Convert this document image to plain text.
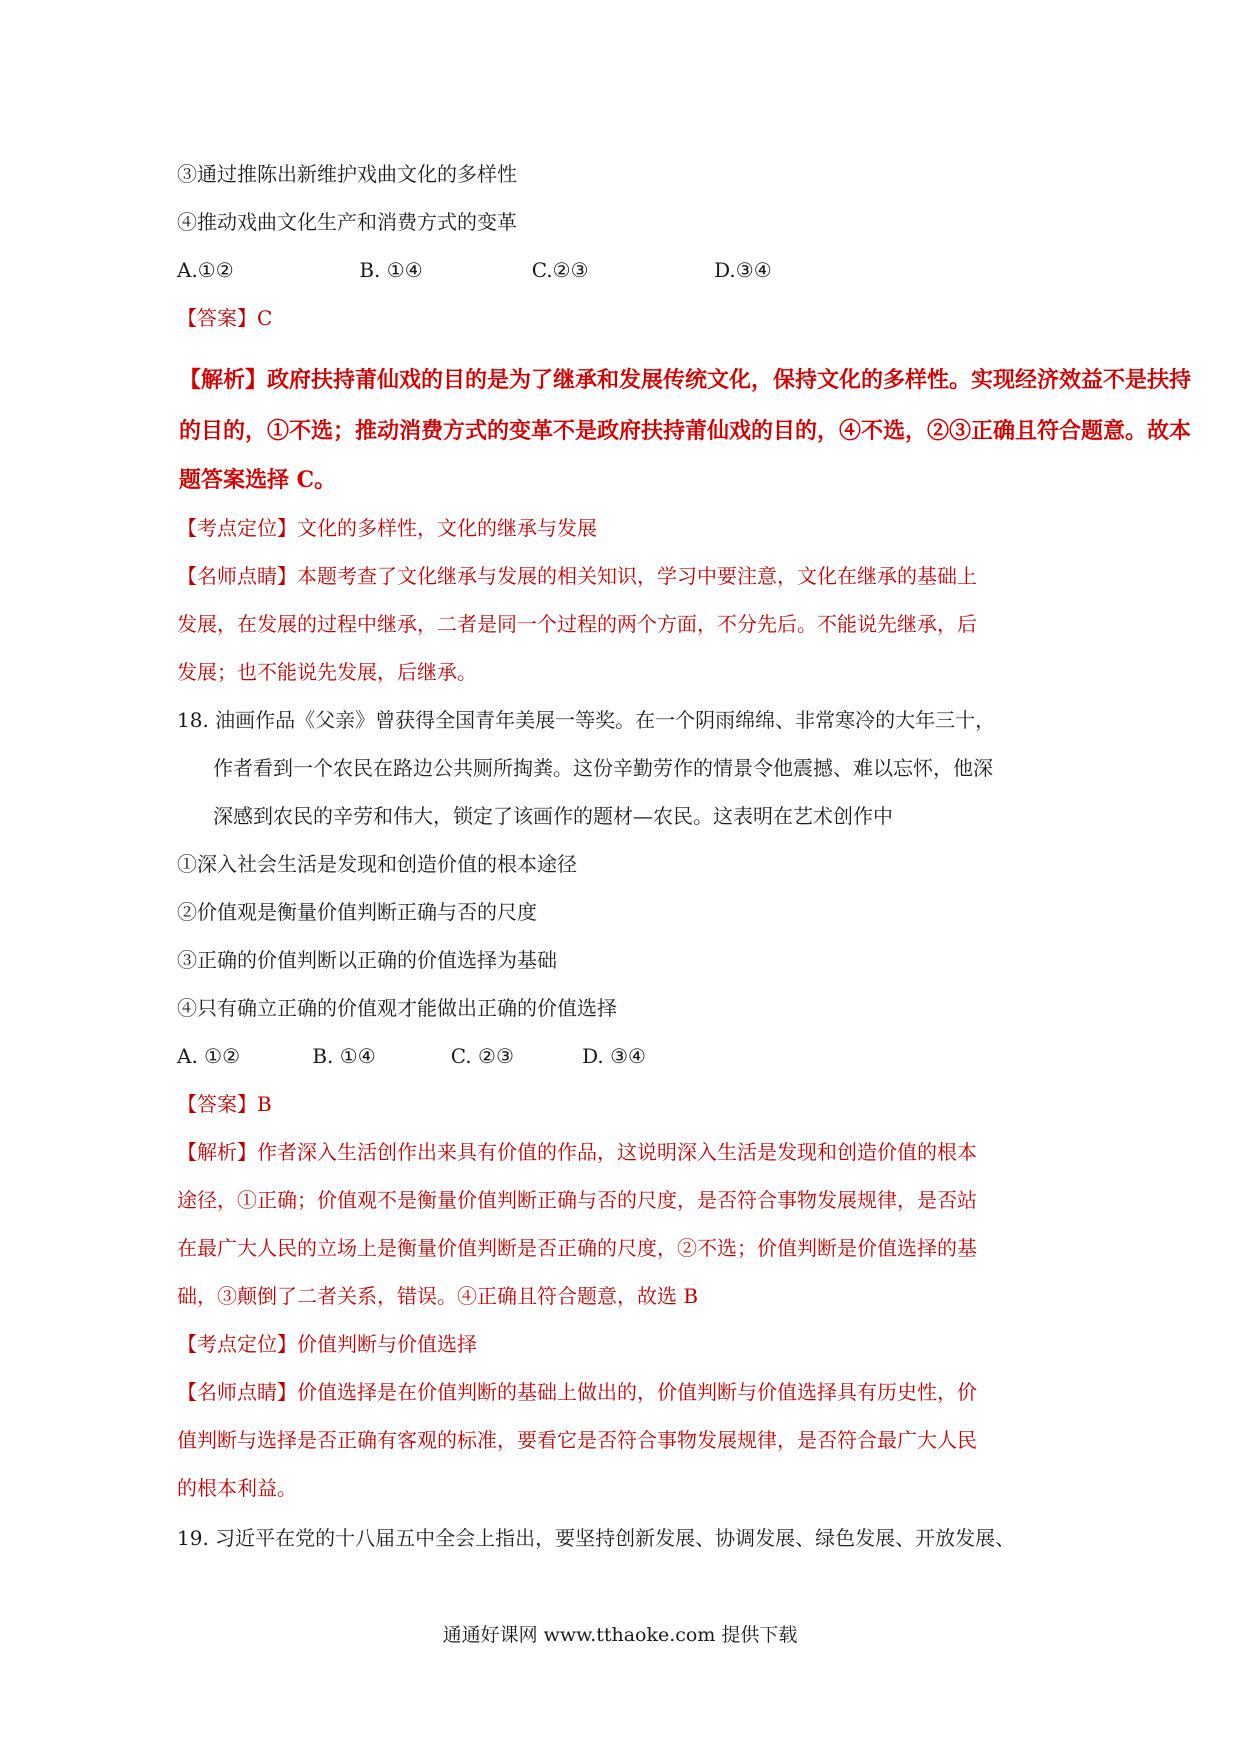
③通过推陈出新维护戏曲文化的多样性
④推动戏曲文化生产和消费方式的变革
A.①②	B. ①④	C.②③	D.③④
【答案】C
【解析】政府扶持莆仙戏的目的是为了继承和发展传统文化，保持文化的多样性。实现经济效益不是扶持
的目的，①不选；推动消费方式的变革不是政府扶持莆仙戏的目的，④不选，②③正确且符合题意。故本
题答案选择 C。
【考点定位】文化的多样性，文化的继承与发展
【名师点睛】本题考查了文化继承与发展的相关知识，学习中要注意，文化在继承的基础上
发展，在发展的过程中继承，二者是同一个过程的两个方面，不分先后。不能说先继承，后
发展；也不能说先发展，后继承。
18. 油画作品《父亲》曾获得全国青年美展一等奖。在一个阴雨绵绵、非常寒冷的大年三十，
作者看到一个农民在路边公共厕所掏粪。这份辛勤劳作的情景令他震撼、难以忘怀，他深
深感到农民的辛劳和伟大，锁定了该画作的题材—农民。这表明在艺术创作中
①深入社会生活是发现和创造价值的根本途径
②价值观是衡量价值判断正确与否的尺度
③正确的价值判断以正确的价值选择为基础
④只有确立正确的价值观才能做出正确的价值选择
A. ①②	B. ①④	C. ②③	D. ③④
【答案】B
【解析】作者深入生活创作出来具有价值的作品，这说明深入生活是发现和创造价值的根本
途径，①正确；价值观不是衡量价值判断正确与否的尺度，是否符合事物发展规律，是否站
在最广大人民的立场上是衡量价值判断是否正确的尺度，②不选；价值判断是价值选择的基
础，③颠倒了二者关系，错误。④正确且符合题意，故选 B
【考点定位】价值判断与价值选择
【名师点睛】价值选择是在价值判断的基础上做出的，价值判断与价值选择具有历史性，价
值判断与选择是否正确有客观的标准，要看它是否符合事物发展规律，是否符合最广大人民
的根本利益。
19. 习近平在党的十八届五中全会上指出，要坚持创新发展、协调发展、绿色发展、开放发展、
通通好课网 www.tthaoke.com 提供下载
